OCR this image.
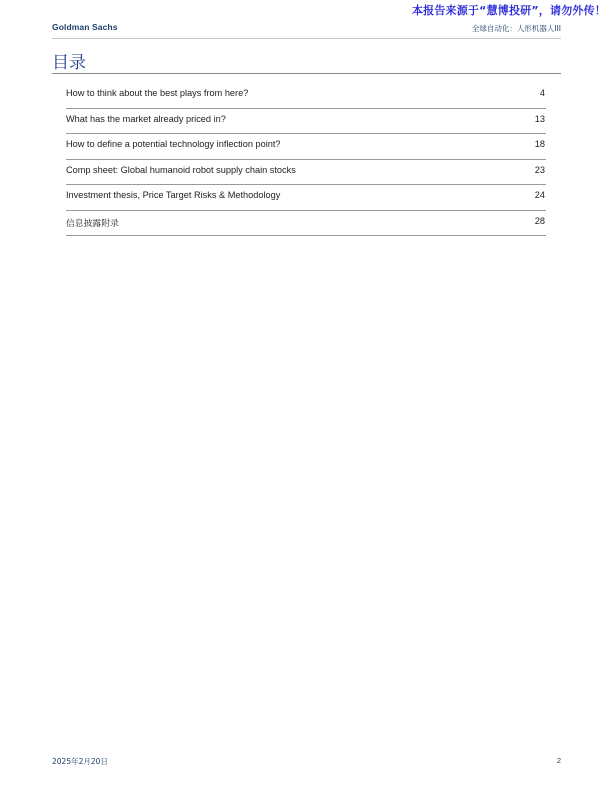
本报告来源于“慧博投研”，请勿外传！
Goldman Sachs	全球自动化：人形机器人III
目录
How to think about the best plays from here?	4
What has the market already priced in?	13
How to define a potential technology inflection point?	18
Comp sheet: Global humanoid robot supply chain stocks	23
Investment thesis, Price Target Risks & Methodology	24
信息披露附录	28
2025年2月20日	2
